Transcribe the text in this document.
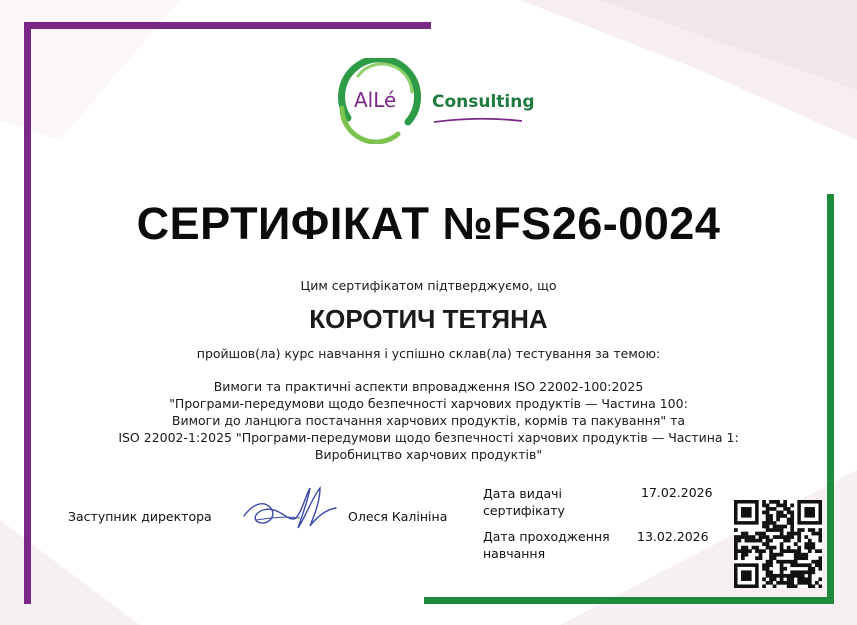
AlLé Consulting
СЕРТИФІКАТ №FS26-0024
Цим сертифікатом підтверджуємо, що
КОРОТИЧ ТЕТЯНА
пройшов(ла) курс навчання і успішно склав(ла) тестування за темою:
Вимоги та практичні аспекти впровадження ISO 22002-100:2025
"Програми-передумови щодо безпечності харчових продуктів — Частина 100:
Вимоги до ланцюга постачання харчових продуктів, кормів та пакування" та
ISO 22002-1:2025 "Програми-передумови щодо безпечності харчових продуктів — Частина 1:
Виробництво харчових продуктів"
Заступник директора	Олеся Калініна
Дата видачі
сертифікату
17.02.2026
Дата проходження
навчання
13.02.2026
